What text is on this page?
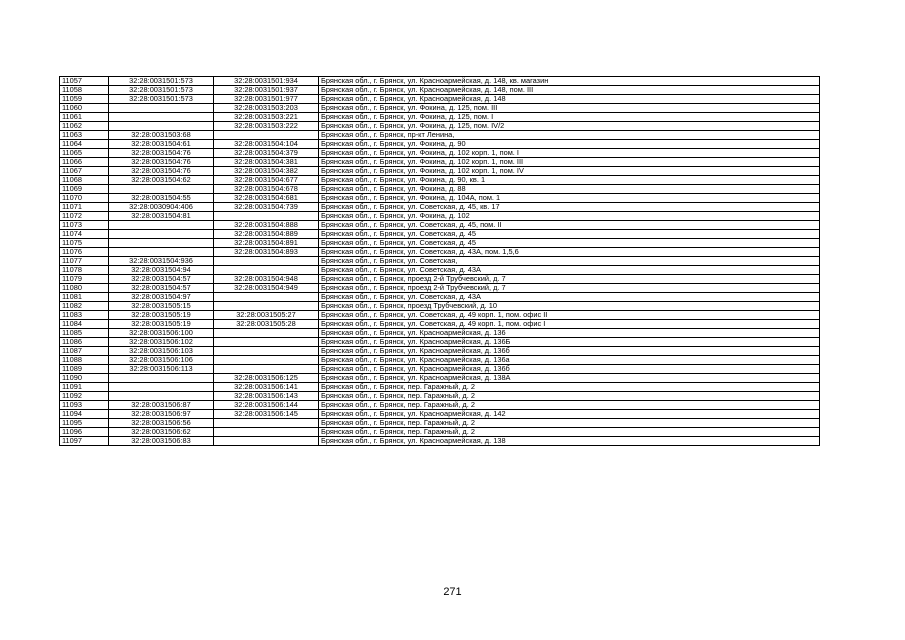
11057	32:28:0031501:573	32:28:0031501:934	Брянская обл., г. Брянск, ул. Красноармейская, д. 148, кв. магазин
11058	32:28:0031501:573	32:28:0031501:937	Брянская обл., г. Брянск, ул. Красноармейская, д. 148, пом. III
11059	32:28:0031501:573	32:28:0031501:977	Брянская обл., г. Брянск, ул. Красноармейская, д. 148
11060		32:28:0031503:203	Брянская обл., г. Брянск, ул. Фокина, д. 125, пом. III
11061		32:28:0031503:221	Брянская обл., г. Брянск, ул. Фокина, д. 125, пом. I
11062		32:28:0031503:222	Брянская обл., г. Брянск, ул. Фокина, д. 125, пом. IV/2
11063	32:28:0031503:68		Брянская обл., г. Брянск, пр-кт Ленина,
11064	32:28:0031504:61	32:28:0031504:104	Брянская обл., г. Брянск, ул. Фокина, д. 90
11065	32:28:0031504:76	32:28:0031504:379	Брянская обл., г. Брянск, ул. Фокина, д. 102 корп. 1, пом. I
11066	32:28:0031504:76	32:28:0031504:381	Брянская обл., г. Брянск, ул. Фокина, д. 102 корп. 1, пом. III
11067	32:28:0031504:76	32:28:0031504:382	Брянская обл., г. Брянск, ул. Фокина, д. 102 корп. 1, пом. IV
11068	32:28:0031504:62	32:28:0031504:677	Брянская обл., г. Брянск, ул. Фокина, д. 90, кв. 1
11069		32:28:0031504:678	Брянская обл., г. Брянск, ул. Фокина, д. 88
11070	32:28:0031504:55	32:28:0031504:681	Брянская обл., г. Брянск, ул. Фокина, д. 104А, пом. 1
11071	32:28:0030904:406	32:28:0031504:739	Брянская обл., г. Брянск, ул. Советская, д. 45, кв. 17
11072	32:28:0031504:81		Брянская обл., г. Брянск, ул. Фокина, д. 102
11073		32:28:0031504:888	Брянская обл., г. Брянск, ул. Советская, д. 45, пом. II
11074		32:28:0031504:889	Брянская обл., г. Брянск, ул. Советская, д. 45
11075		32:28:0031504:891	Брянская обл., г. Брянск, ул. Советская, д. 45
11076		32:28:0031504:893	Брянская обл., г. Брянск, ул. Советская, д. 43А, пом. 1,5,6
11077	32:28:0031504:936		Брянская обл., г. Брянск, ул. Советская,
11078	32:28:0031504:94		Брянская обл., г. Брянск, ул. Советская, д. 43А
11079	32:28:0031504:57	32:28:0031504:948	Брянская обл., г. Брянск, проезд 2-й Трубчевский, д. 7
11080	32:28:0031504:57	32:28:0031504:949	Брянская обл., г. Брянск, проезд 2-й Трубчевский, д. 7
11081	32:28:0031504:97		Брянская обл., г. Брянск, ул. Советская, д. 43А
11082	32:28:0031505:15		Брянская обл., г. Брянск, проезд Трубчевский, д. 10
11083	32:28:0031505:19	32:28:0031505:27	Брянская обл., г. Брянск, ул. Советская, д. 49 корп. 1, пом. офис II
11084	32:28:0031505:19	32:28:0031505:28	Брянская обл., г. Брянск, ул. Советская, д. 49 корп. 1, пом. офис I
11085	32:28:0031506:100		Брянская обл., г. Брянск, ул. Красноармейская, д. 136
11086	32:28:0031506:102		Брянская обл., г. Брянск, ул. Красноармейская, д. 136Б
11087	32:28:0031506:103		Брянская обл., г. Брянск, ул. Красноармейская, д. 136б
11088	32:28:0031506:106		Брянская обл., г. Брянск, ул. Красноармейская, д. 136а
11089	32:28:0031506:113		Брянская обл., г. Брянск, ул. Красноармейская, д. 136б
11090		32:28:0031506:125	Брянская обл., г. Брянск, ул. Красноармейская, д. 138А
11091		32:28:0031506:141	Брянская обл., г. Брянск, пер. Гаражный, д. 2
11092		32:28:0031506:143	Брянская обл., г. Брянск, пер. Гаражный, д. 2
11093	32:28:0031506:87	32:28:0031506:144	Брянская обл., г. Брянск, пер. Гаражный, д. 2
11094	32:28:0031506:97	32:28:0031506:145	Брянская обл., г. Брянск, ул. Красноармейская, д. 142
11095	32:28:0031506:56		Брянская обл., г. Брянск, пер. Гаражный, д. 2
11096	32:28:0031506:62		Брянская обл., г. Брянск, пер. Гаражный, д. 2
11097	32:28:0031506:83		Брянская обл., г. Брянск, ул. Красноармейская, д. 138
271
